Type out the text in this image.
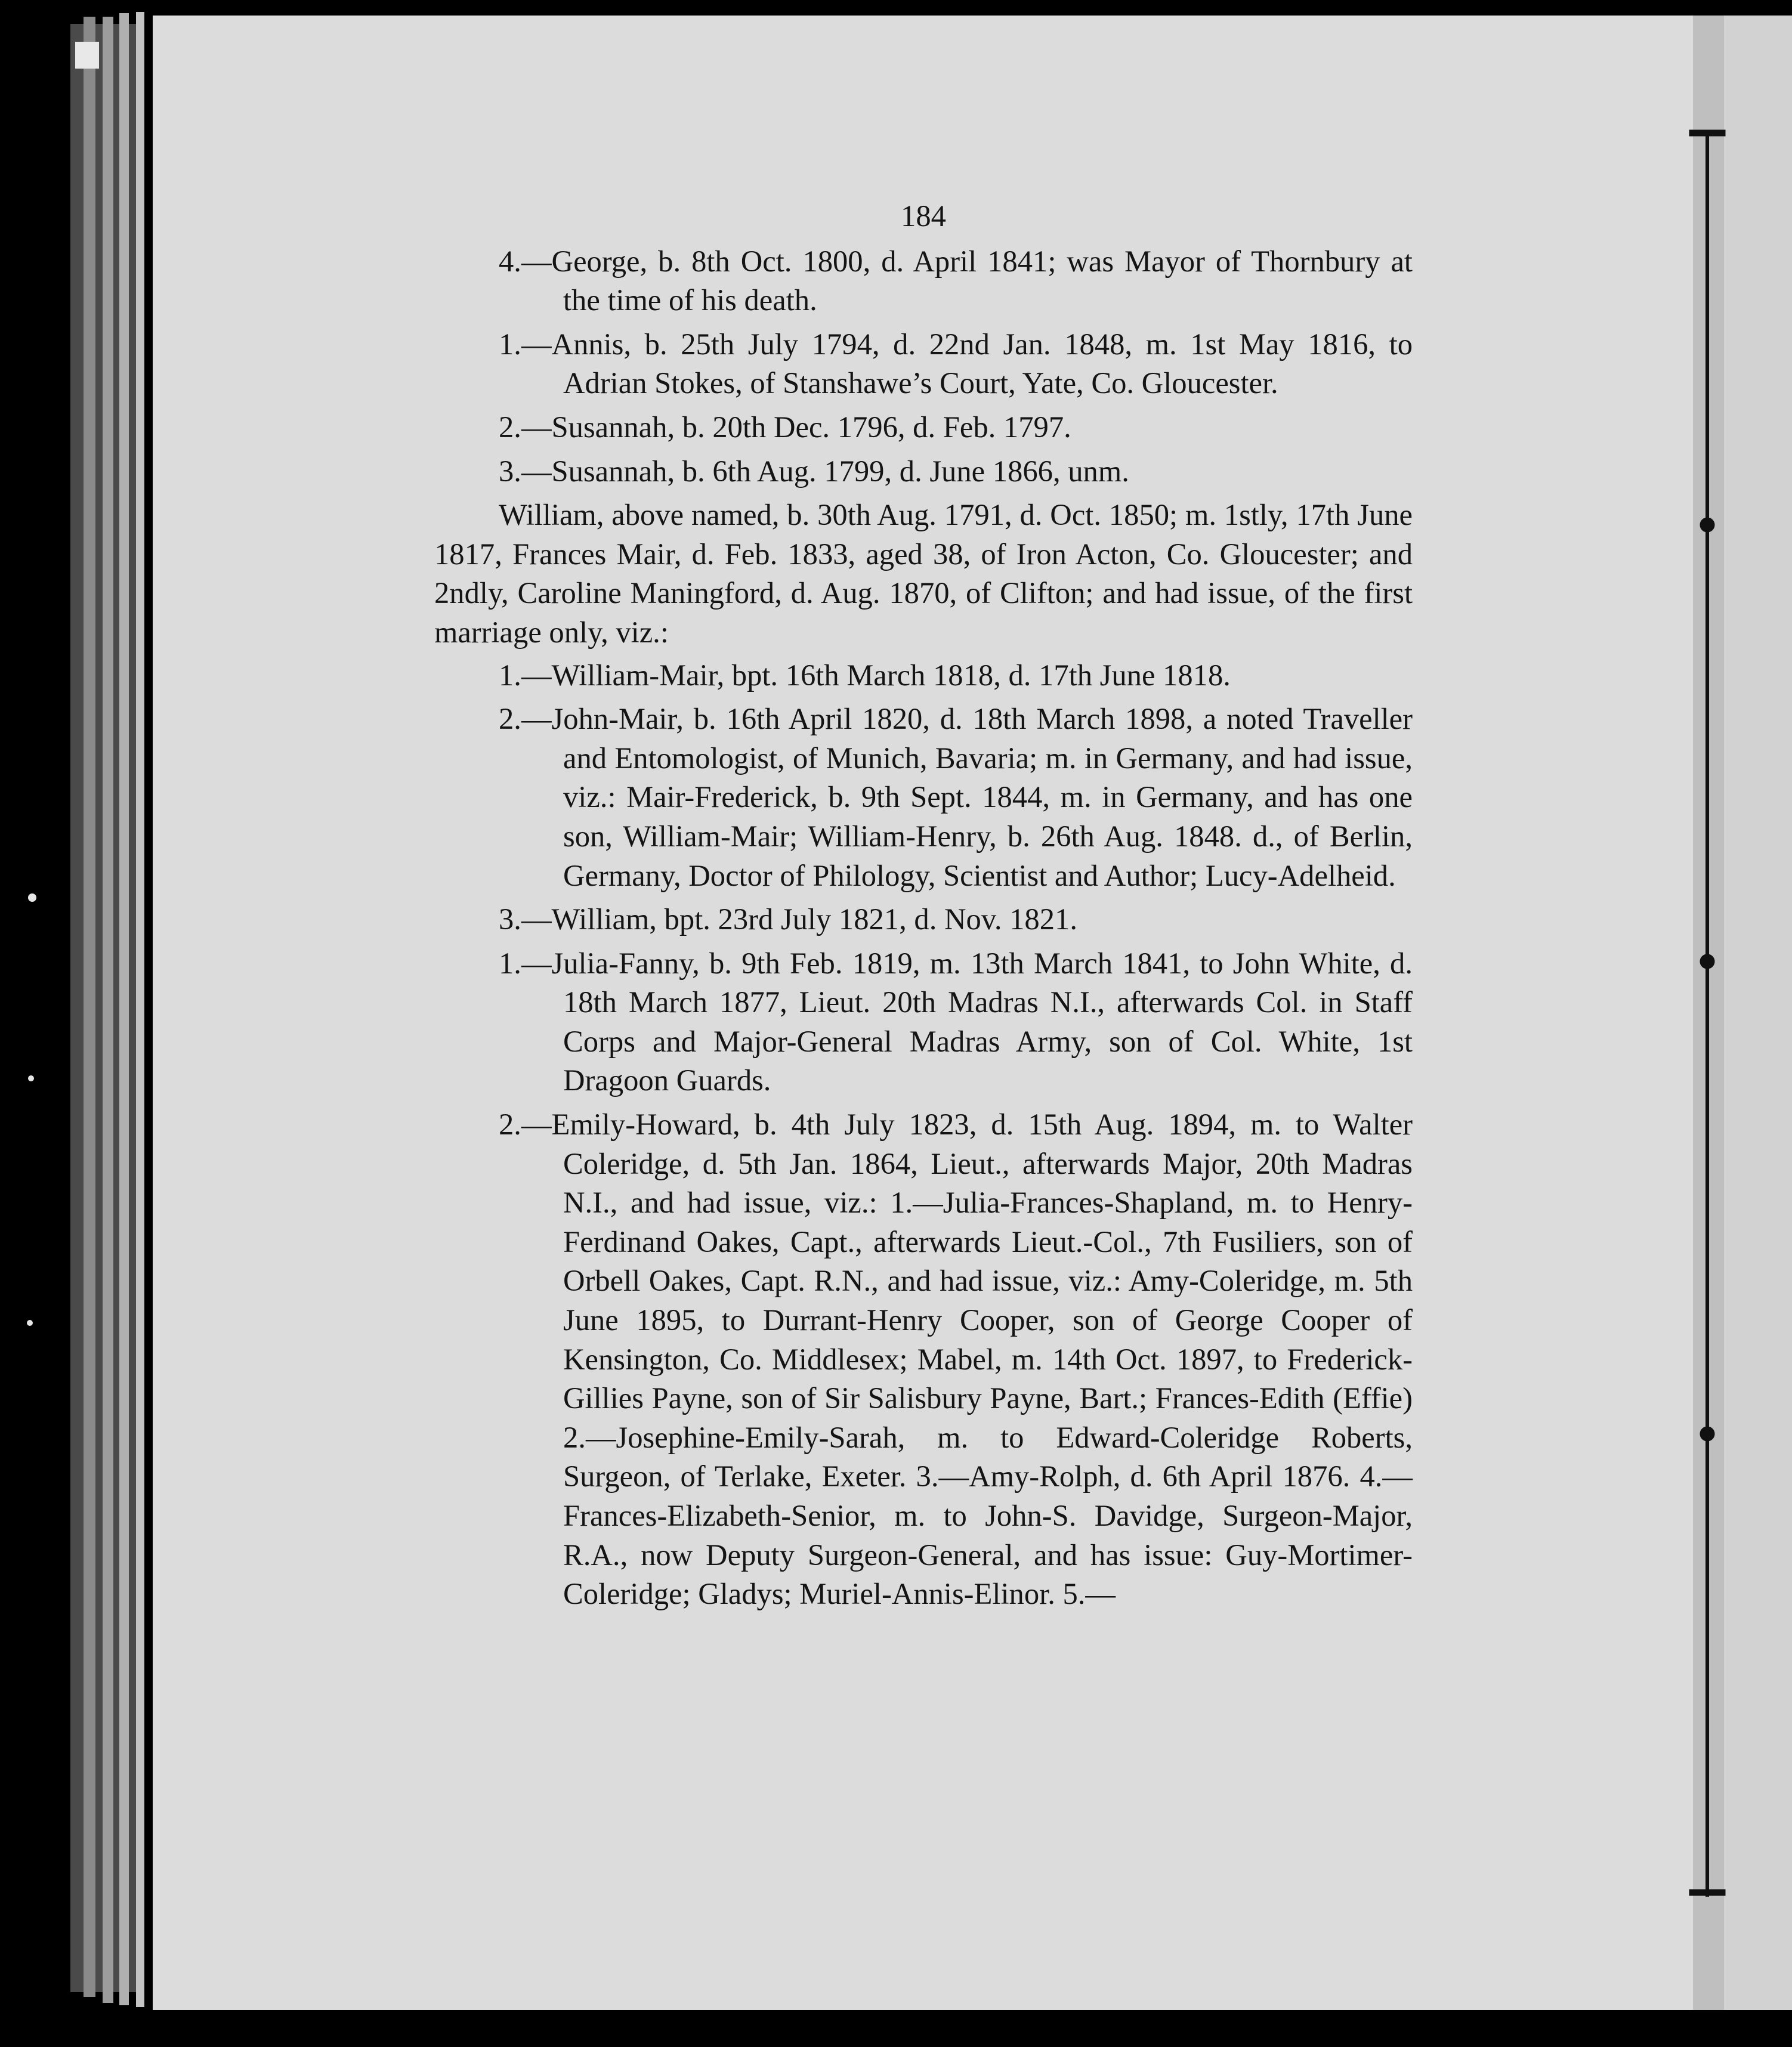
184

4.—George, b. 8th Oct. 1800, d. April 1841; was Mayor of Thornbury at the time of his death.

1.—Annis, b. 25th July 1794, d. 22nd Jan. 1848, m. 1st May 1816, to Adrian Stokes, of Stanshawe’s Court, Yate, Co. Gloucester.

2.—Susannah, b. 20th Dec. 1796, d. Feb. 1797.

3.—Susannah, b. 6th Aug. 1799, d. June 1866, unm.

William, above named, b. 30th Aug. 1791, d. Oct. 1850; m. 1stly, 17th June 1817, Frances Mair, d. Feb. 1833, aged 38, of Iron Acton, Co. Gloucester; and 2ndly, Caroline Maningford, d. Aug. 1870, of Clifton; and had issue, of the first marriage only, viz.:

1.—William-Mair, bpt. 16th March 1818, d. 17th June 1818.

2.—John-Mair, b. 16th April 1820, d. 18th March 1898, a noted Traveller and Entomologist, of Munich, Bavaria; m. in Germany, and had issue, viz.: Mair-Frederick, b. 9th Sept. 1844, m. in Germany, and has one son, William-Mair; William-Henry, b. 26th Aug. 1848. d., of Berlin, Germany, Doctor of Philology, Scientist and Author; Lucy-Adelheid.

3.—William, bpt. 23rd July 1821, d. Nov. 1821.

1.—Julia-Fanny, b. 9th Feb. 1819, m. 13th March 1841, to John White, d. 18th March 1877, Lieut. 20th Madras N.I., afterwards Col. in Staff Corps and Major-General Madras Army, son of Col. White, 1st Dragoon Guards.

2.—Emily-Howard, b. 4th July 1823, d. 15th Aug. 1894, m. to Walter Coleridge, d. 5th Jan. 1864, Lieut., afterwards Major, 20th Madras N.I., and had issue, viz.: 1.—Julia-Frances-Shapland, m. to Henry-Ferdinand Oakes, Capt., afterwards Lieut.-Col., 7th Fusiliers, son of Orbell Oakes, Capt. R.N., and had issue, viz.: Amy-Coleridge, m. 5th June 1895, to Durrant-Henry Cooper, son of George Cooper of Kensington, Co. Middlesex; Mabel, m. 14th Oct. 1897, to Frederick-Gillies Payne, son of Sir Salisbury Payne, Bart.; Frances-Edith (Effie) 2.—Josephine-Emily-Sarah, m. to Edward-Coleridge Roberts, Surgeon, of Terlake, Exeter. 3.—Amy-Rolph, d. 6th April 1876. 4.—Frances-Elizabeth-Senior, m. to John-S. Davidge, Surgeon-Major, R.A., now Deputy Surgeon-General, and has issue: Guy-Mortimer-Coleridge; Gladys; Muriel-Annis-Elinor. 5.—
